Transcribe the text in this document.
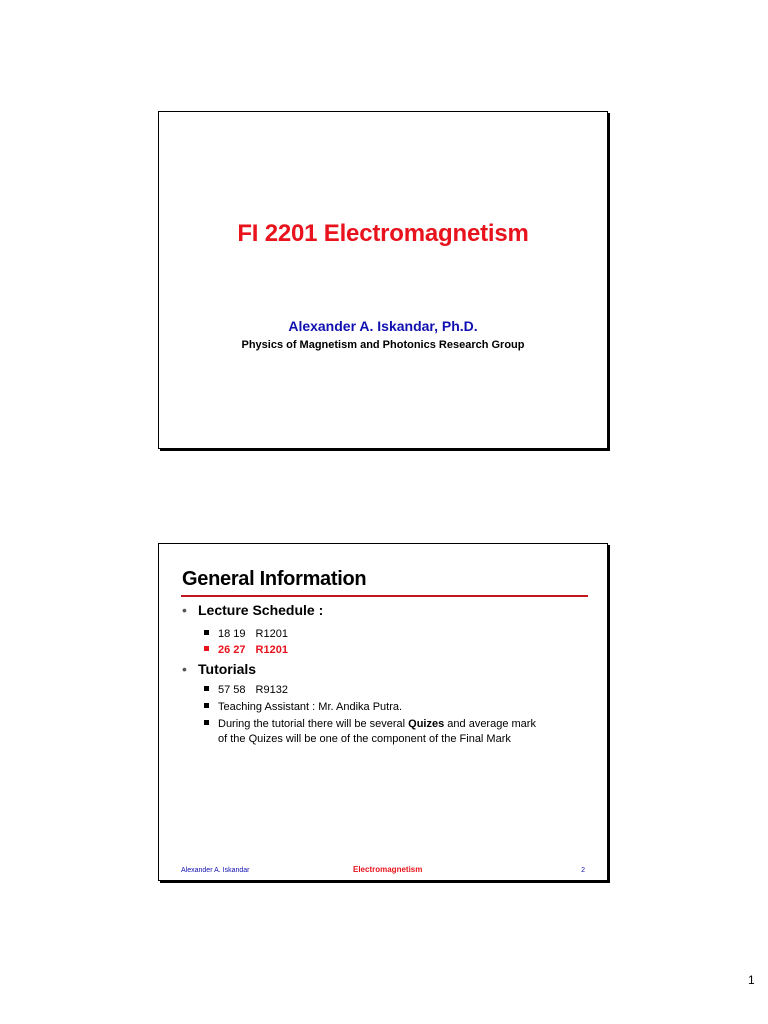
FI 2201 Electromagnetism
Alexander A. Iskandar, Ph.D.
Physics of Magnetism and Photonics Research Group
General Information
• Lecture Schedule :
18 19 R1201
26 27 R1201
• Tutorials
57 58 R9132
Teaching Assistant : Mr. Andika Putra.
During the tutorial there will be several Quizes and average mark
of the Quizes will be one of the component of the Final Mark
Alexander A. Iskandar	Electromagnetism	2
1
